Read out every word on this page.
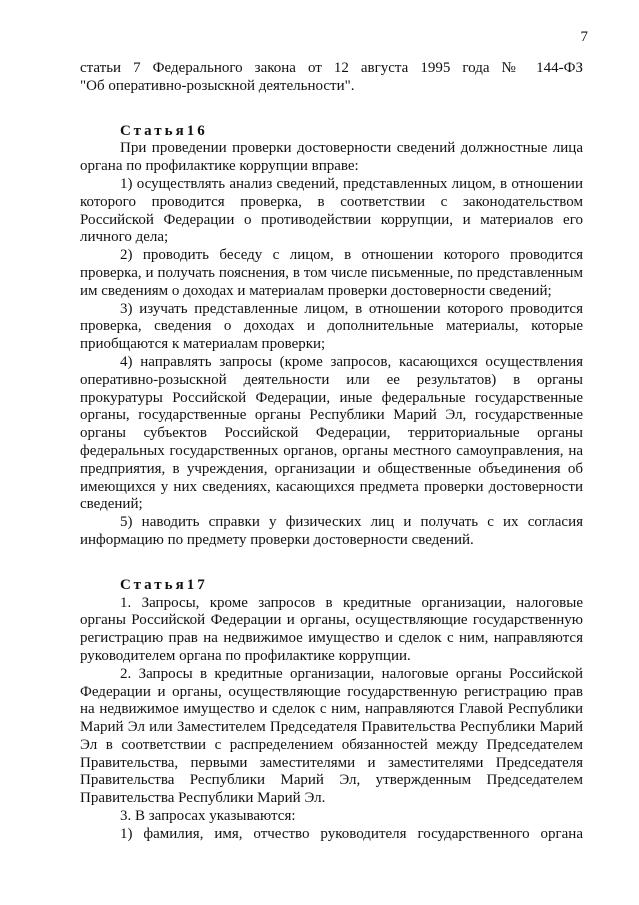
7

статьи 7 Федерального закона от 12 августа 1995 года № 144-ФЗ

"Об оперативно-розыскной деятельности".

Статья16

При проведении проверки достоверности сведений должностные лица органа по профилактике коррупции вправе:

1) осуществлять анализ сведений, представленных лицом, в отношении которого проводится проверка, в соответствии с законодательством Российской Федерации о противодействии коррупции, и материалов его личного дела;

2) проводить беседу с лицом, в отношении которого проводится проверка, и получать пояснения, в том числе письменные, по представленным им сведениям о доходах и материалам проверки достоверности сведений;

3) изучать представленные лицом, в отношении которого проводится проверка, сведения о доходах и дополнительные материалы, которые приобщаются к материалам проверки;

4) направлять запросы (кроме запросов, касающихся осуществления оперативно-розыскной деятельности или ее результатов) в органы прокуратуры Российской Федерации, иные федеральные государственные органы, государственные органы Республики Марий Эл, государственные органы субъектов Российской Федерации, территориальные органы федеральных государственных органов, органы местного самоуправления, на предприятия, в учреждения, организации и общественные объединения об имеющихся у них сведениях, касающихся предмета проверки достоверности сведений;

5) наводить справки у физических лиц и получать с их согласия информацию по предмету проверки достоверности сведений.

Статья17

1. Запросы, кроме запросов в кредитные организации, налоговые органы Российской Федерации и органы, осуществляющие государственную регистрацию прав на недвижимое имущество и сделок с ним, направляются руководителем органа по профилактике коррупции.

2. Запросы в кредитные организации, налоговые органы Российской Федерации и органы, осуществляющие государственную регистрацию прав на недвижимое имущество и сделок с ним, направляются Главой Республики Марий Эл или Заместителем Председателя Правительства Республики Марий Эл в соответствии с распределением обязанностей между Председателем Правительства, первыми заместителями и заместителями Председателя Правительства Республики Марий Эл, утвержденным Председателем Правительства Республики Марий Эл.

3. В запросах указываются:

1) фамилия, имя, отчество руководителя государственного органа
